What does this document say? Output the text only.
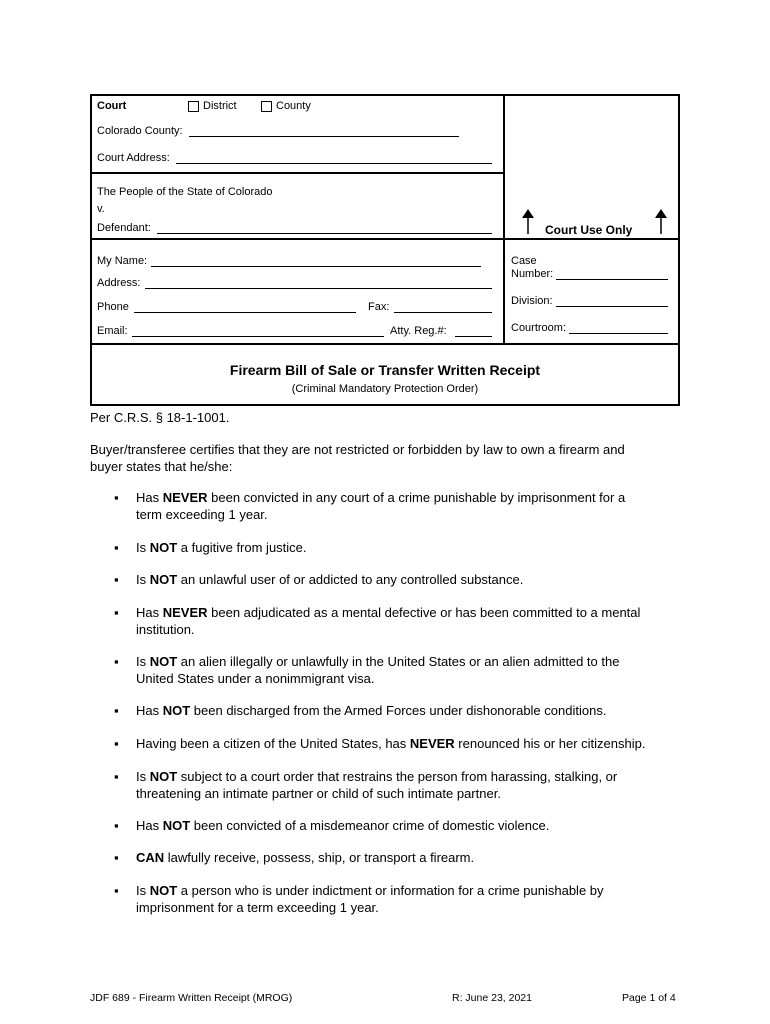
Court	District	County
Colorado County:
Court Address:
The People of the State of Colorado
v.
Defendant:	Court Use Only
My Name:
Address:
Phone	Fax:
Email:	Atty. Reg.#:
Case
Number:
Division:
Courtroom:
Firearm Bill of Sale or Transfer Written Receipt
(Criminal Mandatory Protection Order)
Per C.R.S. § 18-1-1001.
Buyer/transferee certifies that they are not restricted or forbidden by law to own a firearm and
buyer states that he/she:
▪ Has NEVER been convicted in any court of a crime punishable by imprisonment for a
term exceeding 1 year.
▪ Is NOT a fugitive from justice.
▪ Is NOT an unlawful user of or addicted to any controlled substance.
▪ Has NEVER been adjudicated as a mental defective or has been committed to a mental
institution.
▪ Is NOT an alien illegally or unlawfully in the United States or an alien admitted to the
United States under a nonimmigrant visa.
▪ Has NOT been discharged from the Armed Forces under dishonorable conditions.
▪ Having been a citizen of the United States, has NEVER renounced his or her citizenship.
▪ Is NOT subject to a court order that restrains the person from harassing, stalking, or
threatening an intimate partner or child of such intimate partner.
▪ Has NOT been convicted of a misdemeanor crime of domestic violence.
▪ CAN lawfully receive, possess, ship, or transport a firearm.
▪ Is NOT a person who is under indictment or information for a crime punishable by
imprisonment for a term exceeding 1 year.
JDF 689 - Firearm Written Receipt (MROG)	R: June 23, 2021	Page 1 of 4
